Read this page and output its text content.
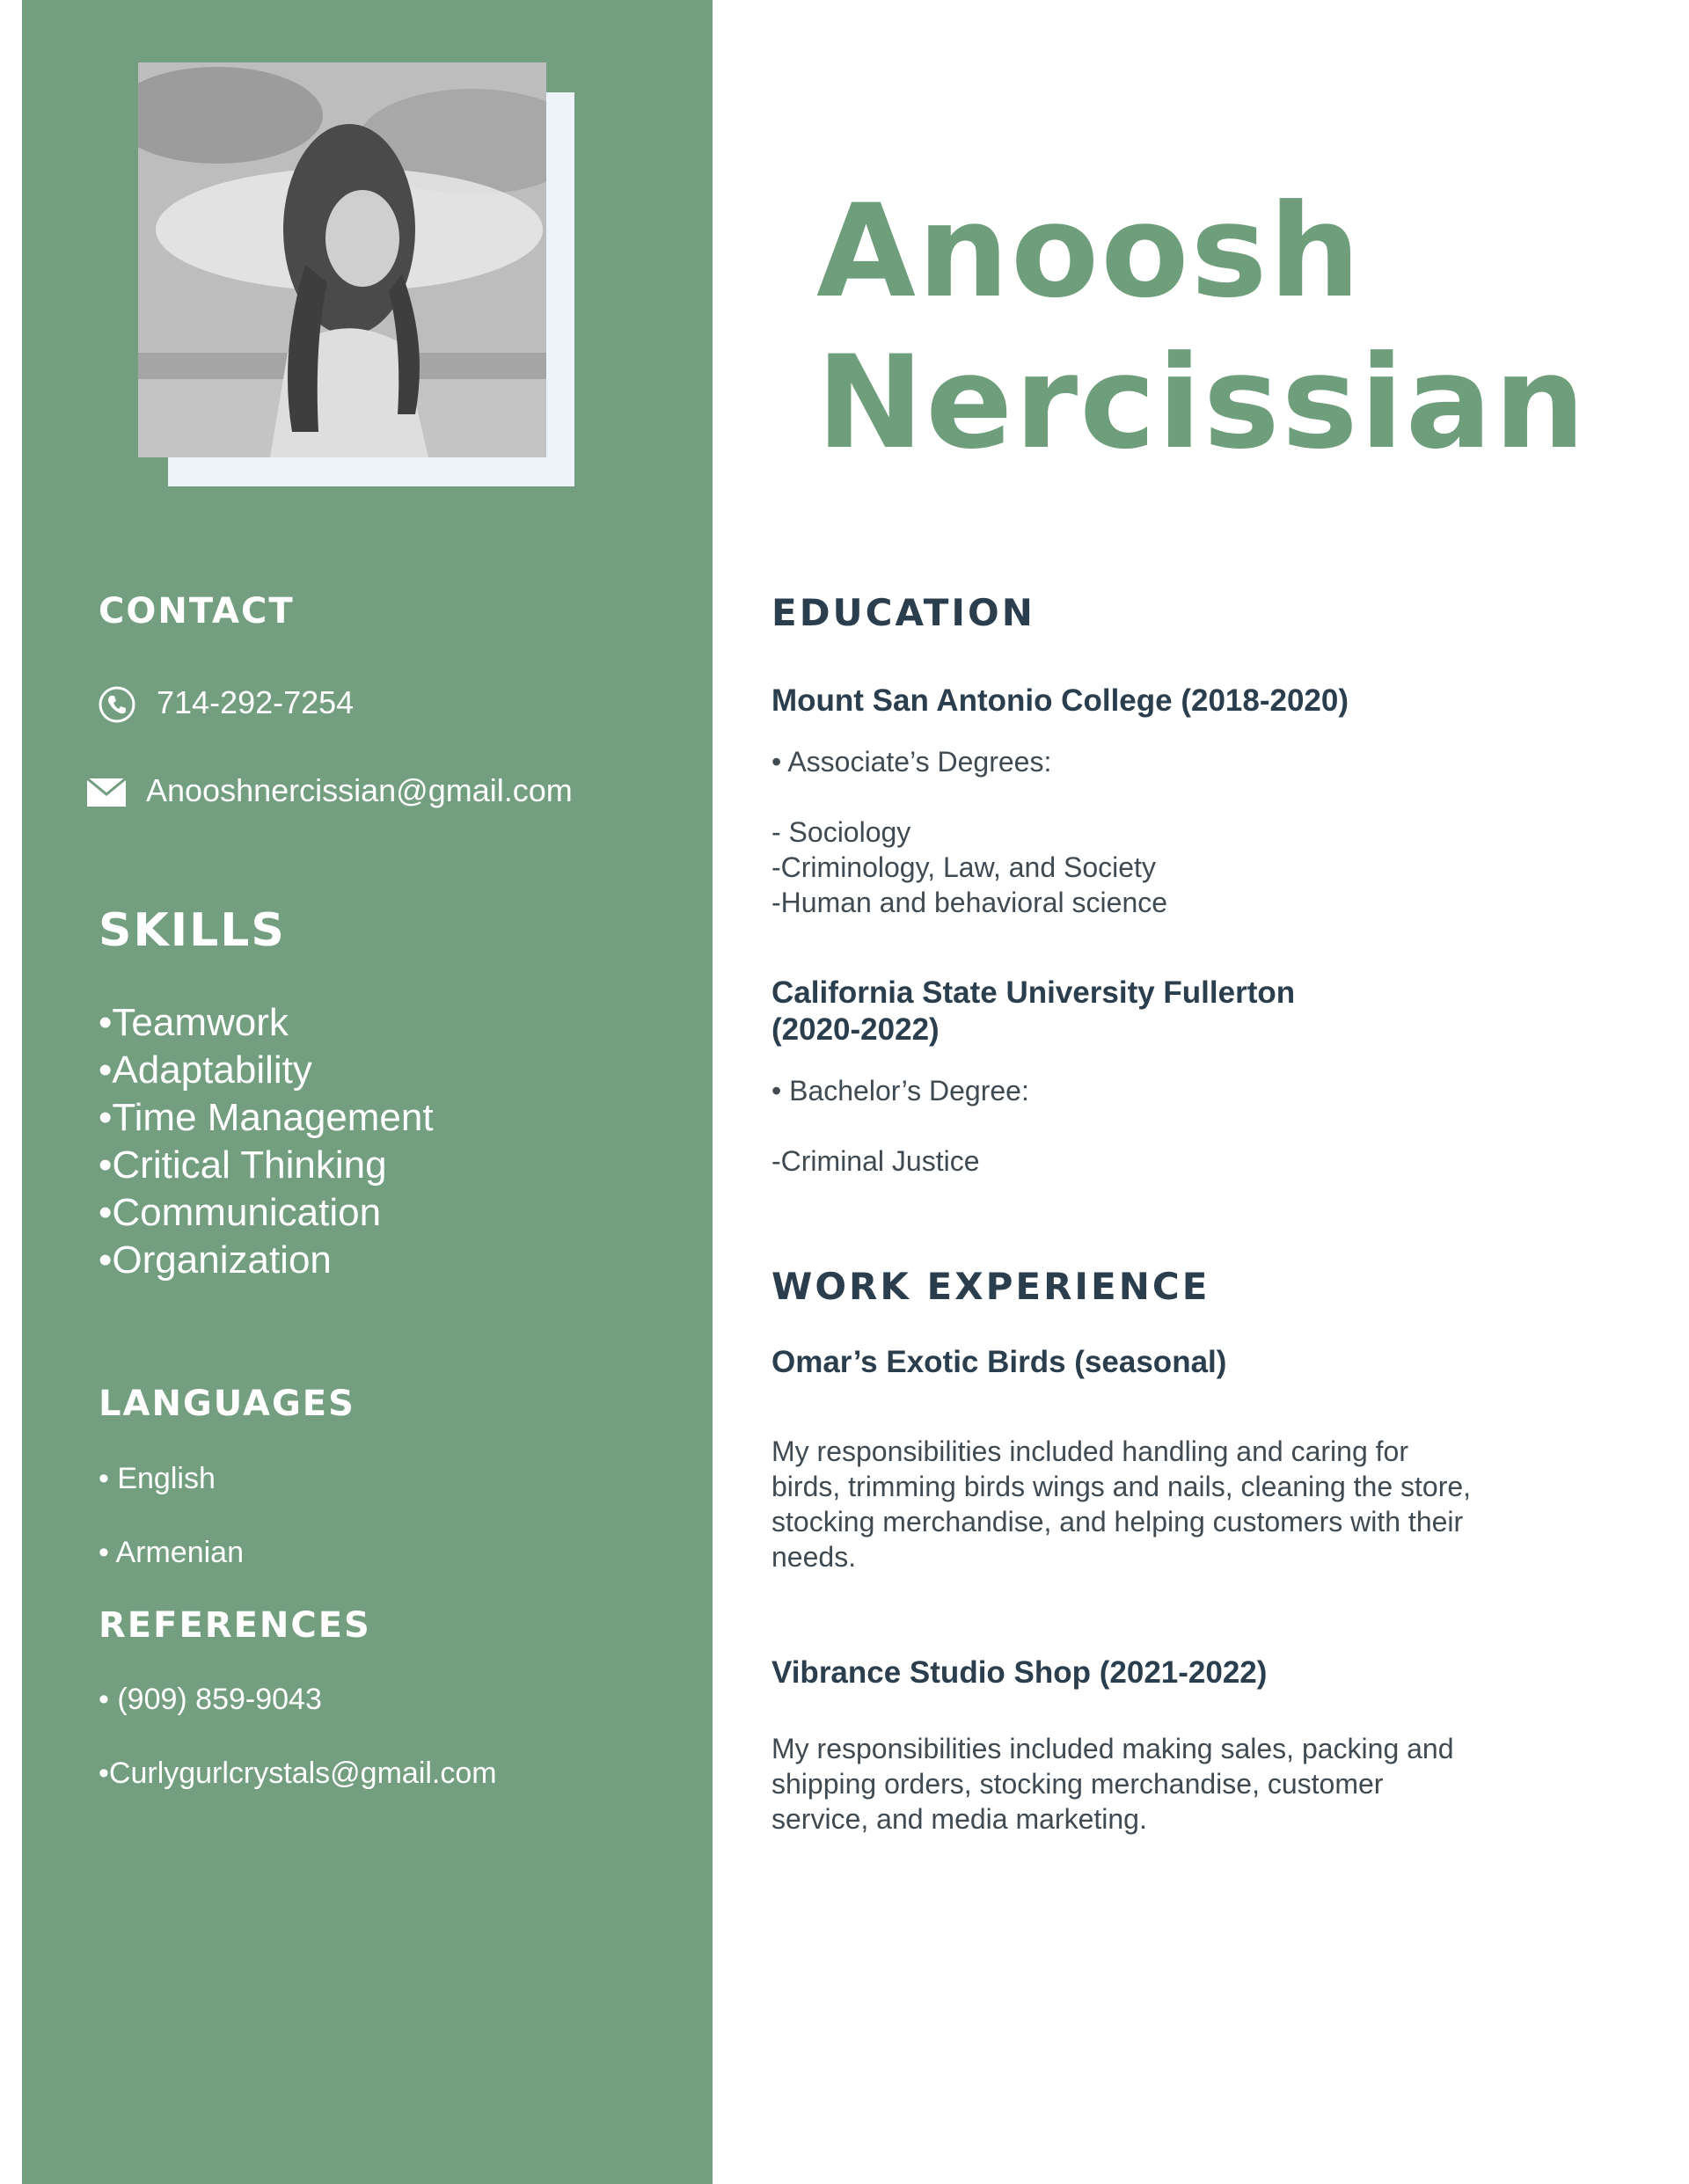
CONTACT
714-292-7254
Anooshnercissian@gmail.com
SKILLS
•Teamwork
•Adaptability
•Time Management
•Critical Thinking
•Communication
•Organization
LANGUAGES
• English
• Armenian
REFERENCES
• (909) 859-9043
•Curlygurlcrystals@gmail.com
Anoosh
Nercissian
EDUCATION
Mount San Antonio College (2018-2020)

• Associate’s Degrees:

- Sociology

-Criminology, Law, and Society

-Human and behavioral science

California State University Fullerton
(2020-2022)

• Bachelor’s Degree:

-Criminal Justice

WORK EXPERIENCE
Omar’s Exotic Birds (seasonal)

My responsibilities included handling and caring for

birds, trimming birds wings and nails, cleaning the store,

stocking merchandise, and helping customers with their

needs.

Vibrance Studio Shop (2021-2022)

My responsibilities included making sales, packing and

shipping orders, stocking merchandise, customer

service, and media marketing.
